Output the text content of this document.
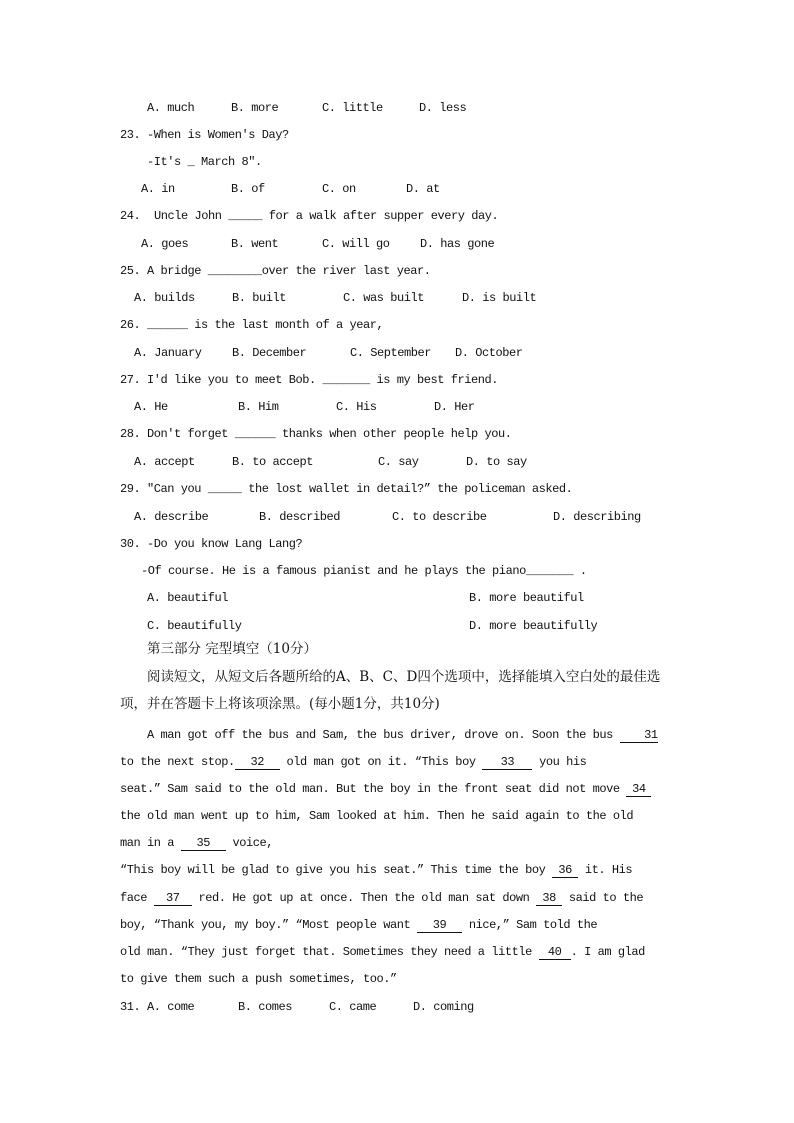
A. much	B. more	C. little	D. less
23. -When is Women's Day?
-It's _ March 8″.
A. in	B. of	C. on	D. at
24. Uncle John _____ for a walk after supper every day.
A. goes	B. went	C. will go	D. has gone
25. A bridge ________over the river last year.
A. builds	B. built	C. was built	D. is built
26. ______ is the last month of a year,
A. January	B. December	C. September D. October
27. I'd like you to meet Bob. _______ is my best friend.
A. He	B. Him	C. His	D. Her
28. Don't forget ______ thanks when other people help you.
A. accept	B. to accept	C. say	D. to say
29. ″Can you _____ the lost wallet in detail?” the policeman asked.
A. describe	B. described	C. to describe	D. describing
30. -Do you know Lang Lang?
-Of course. He is a famous pianist and he plays the piano_______ .
A. beautiful	B. more beautiful
C. beautifully	D. more beautifully
第三部分 完型填空（10分）
阅读短文，从短文后各题所给的A、B、C、D四个选项中，选择能填入空白处的最佳选
项，并在答题卡上将该项涂黑。(每小题1分，共10分)
A man got off the bus and Sam, the bus driver, drove on. Soon the bus 31
to the next stop. 32 old man got on it. “This boy 33 you his
seat.” Sam said to the old man. But the boy in the front seat did not move 34
the old man went up to him, Sam looked at him. Then he said again to the old
man in a 35 voice,
“This boy will be glad to give you his seat.” This time the boy 36 it. His
face 37 red. He got up at once. Then the old man sat down 38 said to the
boy, “Thank you, my boy.” “Most people want 39 nice,” Sam told the
old man. “They just forget that. Sometimes they need a little 40 . I am glad
to give them such a push sometimes, too.”
31. A. come	B. comes	C. came	D. coming
